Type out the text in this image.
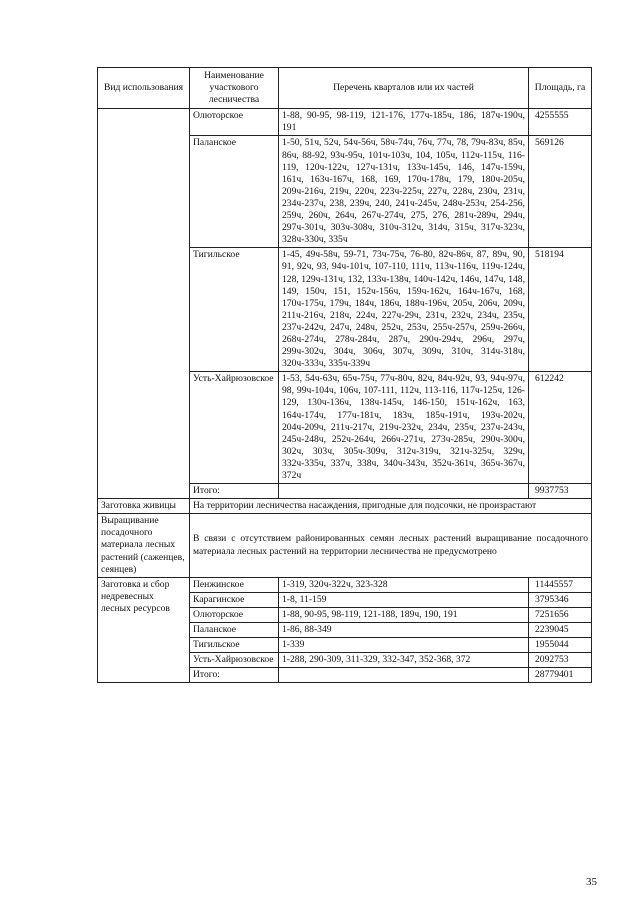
Вид использования	Наименование участкового лесничества	Перечень кварталов или их частей	Площадь, га
	Олюторское	1-88, 90-95, 98-119, 121-176, 177ч-185ч, 186, 187ч-190ч, 191	4255555
	Паланское	1-50, 51ч, 52ч, 54ч-56ч, 58ч-74ч, 76ч, 77ч, 78, 79ч-83ч, 85ч, 86ч, 88-92, 93ч-95ч, 101ч-103ч, 104, 105ч, 112ч-115ч, 116-119, 120ч-122ч, 127ч-131ч, 133ч-145ч, 146, 147ч-159ч, 161ч, 163ч-167ч, 168, 169, 170ч-178ч, 179, 180ч-205ч, 209ч-216ч, 219ч, 220ч, 223ч-225ч, 227ч, 228ч, 230ч, 231ч, 234ч-237ч, 238, 239ч, 240, 241ч-245ч, 248ч-253ч, 254-256, 259ч, 260ч, 264ч, 267ч-274ч, 275, 276, 281ч-289ч, 294ч, 297ч-301ч, 303ч-308ч, 310ч-312ч, 314ч, 315ч, 317ч-323ч, 328ч-330ч, 335ч	569126
	Тигильское	1-45, 49ч-58ч, 59-71, 73ч-75ч, 76-80, 82ч-86ч, 87, 89ч, 90, 91, 92ч, 93, 94ч-101ч, 107-110, 111ч, 113ч-116ч, 119ч-124ч, 128, 129ч-131ч, 132, 133ч-138ч, 140ч-142ч, 146ч, 147ч, 148, 149, 150ч, 151, 152ч-156ч, 159ч-162ч, 164ч-167ч, 168, 170ч-175ч, 179ч, 184ч, 186ч, 188ч-196ч, 205ч, 206ч, 209ч, 211ч-216ч, 218ч, 224ч, 227ч-29ч, 231ч, 232ч, 234ч, 235ч, 237ч-242ч, 247ч, 248ч, 252ч, 253ч, 255ч-257ч, 259ч-266ч, 268ч-274ч, 278ч-284ч, 287ч, 290ч-294ч, 296ч, 297ч, 299ч-302ч, 304ч, 306ч, 307ч, 309ч, 310ч, 314ч-318ч, 320ч-333ч, 335ч-339ч	518194
	Усть-Хайрюзовское	1-53, 54ч-63ч, 65ч-75ч, 77ч-80ч, 82ч, 84ч-92ч, 93, 94ч-97ч, 98, 99ч-104ч, 106ч, 107-111, 112ч, 113-116, 117ч-125ч, 126-129, 130ч-136ч, 138ч-145ч, 146-150, 151ч-162ч, 163, 164ч-174ч, 177ч-181ч, 183ч, 185ч-191ч, 193ч-202ч, 204ч-209ч, 211ч-217ч, 219ч-232ч, 234ч, 235ч, 237ч-243ч, 245ч-248ч, 252ч-264ч, 266ч-271ч, 273ч-285ч, 290ч-300ч, 302ч, 303ч, 305ч-309ч, 312ч-319ч, 321ч-325ч, 329ч, 332ч-335ч, 337ч, 338ч, 340ч-343ч, 352ч-361ч, 365ч-367ч, 372ч	612242
	Итого:		9937753
Заготовка живицы	На территории лесничества насаждения, пригодные для подсочки, не произрастают		
Выращивание посадочного материала лесных растений (саженцев, сеянцев)	В связи с отсутствием районированных семян лесных растений выращивание посадочного материала лесных растений на территории лесничества не предусмотрено		
Заготовка и сбор недревесных лесных ресурсов	Пенжинское	1-319, 320ч-322ч, 323-328	11445557
	Карагинское	1-8, 11-159	3795346
	Олюторское	1-88, 90-95, 98-119, 121-188, 189ч, 190, 191	7251656
	Паланское	1-86, 88-349	2239045
	Тигильское	1-339	1955044
	Усть-Хайрюзовское	1-288, 290-309, 311-329, 332-347, 352-368, 372	2092753
	Итого:		28779401
35
